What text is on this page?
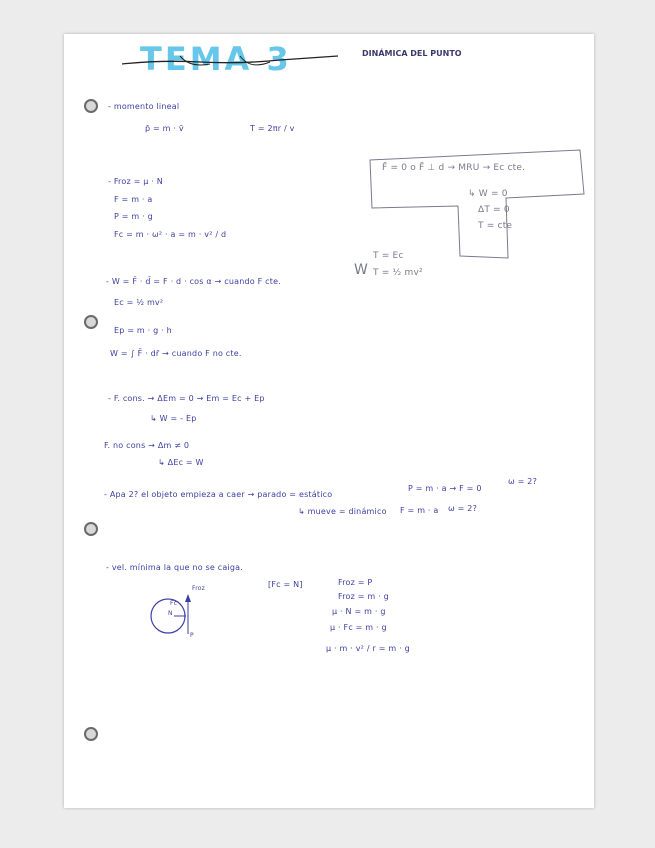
TEMA 3	DINÁMICA DEL PUNTO
- momento lineal
p̄ = m · v̄	T = 2πr / v
- Froz = μ · N
F = m · a
P = m · g
Fc = m · ω² · a = m · v² / d
F̄ = 0 o F̄ ⊥ d → MRU → Ec cte.
↳ W = 0
ΔT = 0
T = cte
W
T = Ec
T = ½ mv²
- W = F̄ · d̄ = F · d · cos α → cuando F cte.
Ec = ½ mv²
Ep = m · g · h
W = ∫ F̄ · dr̄ → cuando F no cte.
- F. cons. → ΔEm = 0 → Em = Ec + Ep
↳ W = - Ep
F. no cons → Δm ≠ 0
↳ ΔEc = W
- Apa 2? el objeto empieza a caer → parado = estático
P = m · a → F = 0
ω = 2?
↳ mueve = dinámico F = m · a ω = 2?
- vel. mínima la que no se caiga.
[Fc = N]	Froz = P
Froz = m · g
μ · N = m · g
μ · Fc = m · g
μ · m · v² / r = m · g
Froz
Fc
N
P
